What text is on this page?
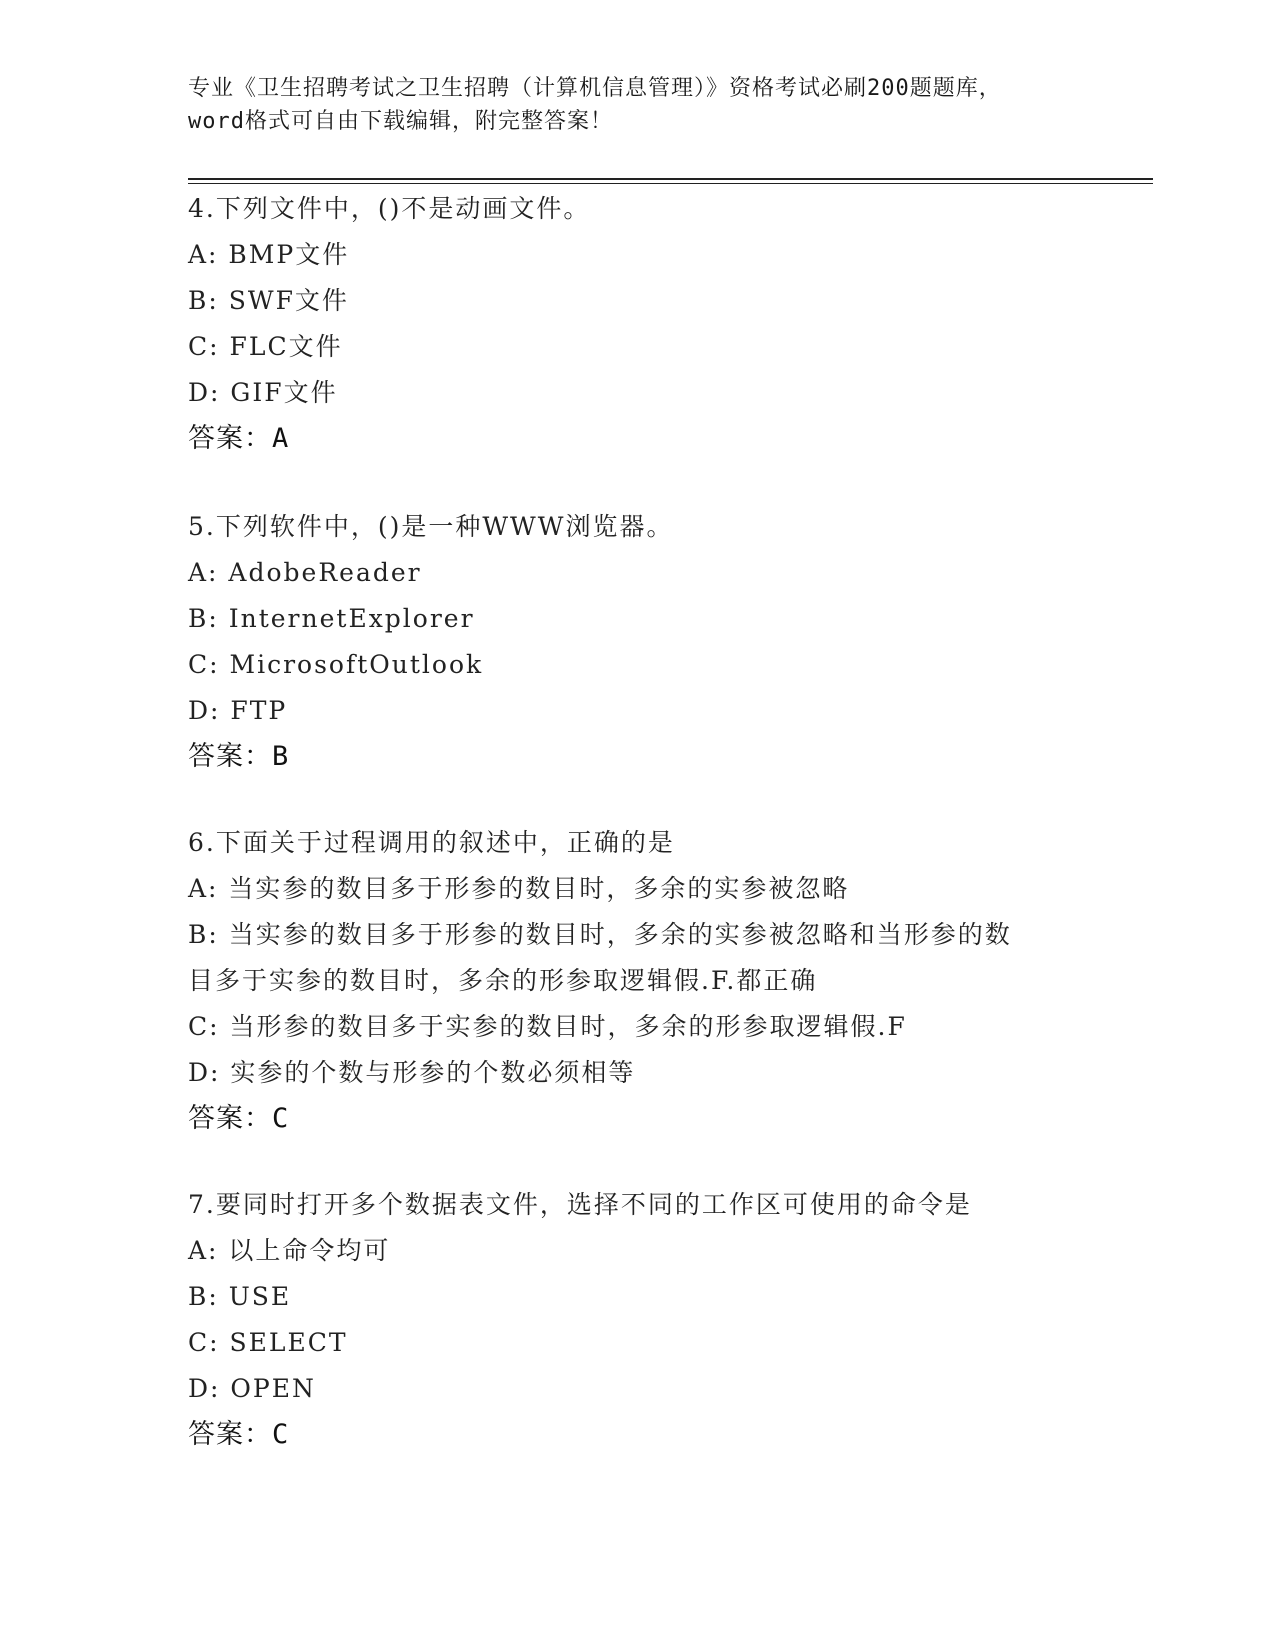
专业《卫生招聘考试之卫生招聘（计算机信息管理）》资格考试必刷200题题库，
word格式可自由下载编辑，附完整答案！
4.下列文件中，()不是动画文件。
A: BMP文件
B: SWF文件
C: FLC文件
D: GIF文件
答案：A
5.下列软件中，()是一种WWW浏览器。
A: AdobeReader
B: InternetExplorer
C: MicrosoftOutlook
D: FTP
答案：B
6.下面关于过程调用的叙述中，正确的是
A: 当实参的数目多于形参的数目时，多余的实参被忽略
B: 当实参的数目多于形参的数目时，多余的实参被忽略和当形参的数
目多于实参的数目时，多余的形参取逻辑假.F.都正确
C: 当形参的数目多于实参的数目时，多余的形参取逻辑假.F
D: 实参的个数与形参的个数必须相等
答案：C
7.要同时打开多个数据表文件，选择不同的工作区可使用的命令是
A: 以上命令均可
B: USE
C: SELECT
D: OPEN
答案：C
